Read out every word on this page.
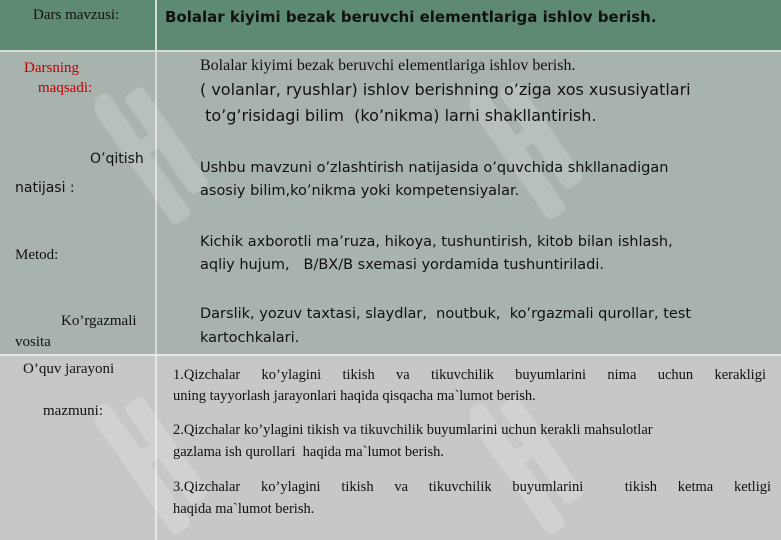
Dars mavzusi:	Bolalar kiyimi bezak beruvchi elementlariga ishlov berish.
Darsning
maqsadi:
O’qitish
natijasi :
Metod:
Ko’rgazmali
vosita
O’quv jarayoni
mazmuni:
Bolalar kiyimi bezak beruvchi elementlariga ishlov berish.
( volanlar, ryushlar) ishlov berishning o’ziga xos xususiyatlari
to’g’risidagi bilim  (ko’nikma) larni shakllantirish.
Ushbu mavzuni o’zlashtirish natijasida o’quvchida shkllanadigan
asosiy bilim,ko’nikma yoki kompetensiyalar.
Kichik axborotli ma’ruza, hikoya, tushuntirish, kitob bilan ishlash,
aqliy hujum,   B/BX/B sxemasi yordamida tushuntiriladi.
Darslik, yozuv taxtasi, slaydlar,  noutbuk,  ko’rgazmali qurollar, test
kartochkalari.
1.Qizchalar ko’ylagini tikish va tikuvchilik buyumlarini nima uchun kerakligi
uning tayyorlash jarayonlari haqida qisqacha ma`lumot berish.
2.Qizchalar ko’ylagini tikish va tikuvchilik buyumlarini uchun kerakli mahsulotlar
gazlama ish qurollari  haqida ma`lumot berish.
3.Qizchalar ko’ylagini tikish va tikuvchilik buyumlarini  tikish ketma ketligi
haqida ma`lumot berish.
